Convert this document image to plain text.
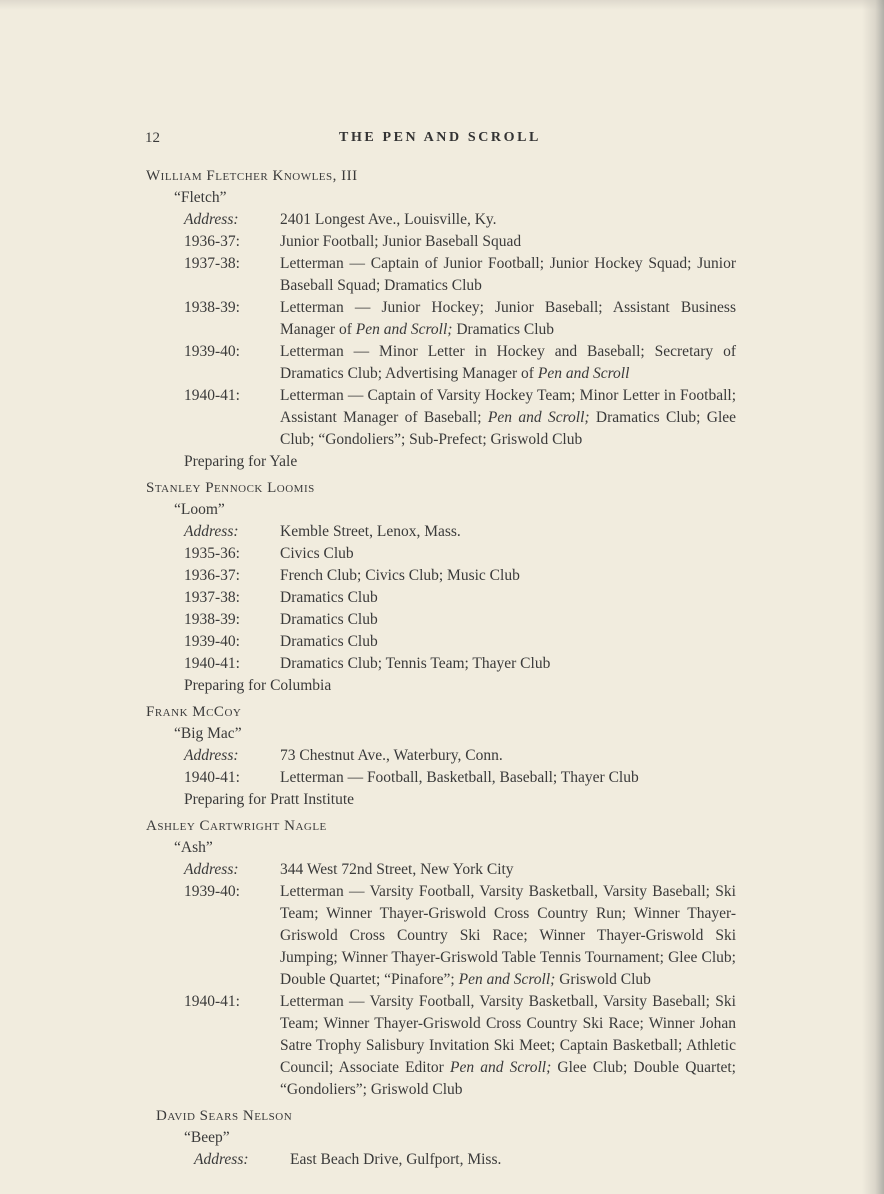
12	THE PEN AND SCROLL
William Fletcher Knowles, III
“Fletch”
Address:	2401 Longest Ave., Louisville, Ky.
1936-37:	Junior Football; Junior Baseball Squad
1937-38:	Letterman — Captain of Junior Football; Junior Hockey Squad; Junior Baseball Squad; Dramatics Club
1938-39:	Letterman — Junior Hockey; Junior Baseball; Assistant Business Manager of Pen and Scroll; Dramatics Club
1939-40:	Letterman — Minor Letter in Hockey and Baseball; Secretary of Dramatics Club; Advertising Manager of Pen and Scroll
1940-41:	Letterman — Captain of Varsity Hockey Team; Minor Letter in Football; Assistant Manager of Baseball; Pen and Scroll; Dramatics Club; Glee Club; “Gondoliers”; Sub-Prefect; Griswold Club
Preparing for Yale
Stanley Pennock Loomis
“Loom”
Address:	Kemble Street, Lenox, Mass.
1935-36:	Civics Club
1936-37:	French Club; Civics Club; Music Club
1937-38:	Dramatics Club
1938-39:	Dramatics Club
1939-40:	Dramatics Club
1940-41:	Dramatics Club; Tennis Team; Thayer Club
Preparing for Columbia
Frank McCoy
“Big Mac”
Address:	73 Chestnut Ave., Waterbury, Conn.
1940-41:	Letterman — Football, Basketball, Baseball; Thayer Club
Preparing for Pratt Institute
Ashley Cartwright Nagle
“Ash”
Address:	344 West 72nd Street, New York City
1939-40:	Letterman — Varsity Football, Varsity Basketball, Varsity Baseball; Ski Team; Winner Thayer-Griswold Cross Country Run; Winner Thayer-Griswold Cross Country Ski Race; Winner Thayer-Griswold Ski Jumping; Winner Thayer-Griswold Table Tennis Tournament; Glee Club; Double Quartet; “Pinafore”; Pen and Scroll; Griswold Club
1940-41:	Letterman — Varsity Football, Varsity Basketball, Varsity Baseball; Ski Team; Winner Thayer-Griswold Cross Country Ski Race; Winner Johan Satre Trophy Salisbury Invitation Ski Meet; Captain Basketball; Athletic Council; Associate Editor Pen and Scroll; Glee Club; Double Quartet; “Gondoliers”; Griswold Club
David Sears Nelson
“Beep”
Address:	East Beach Drive, Gulfport, Miss.
